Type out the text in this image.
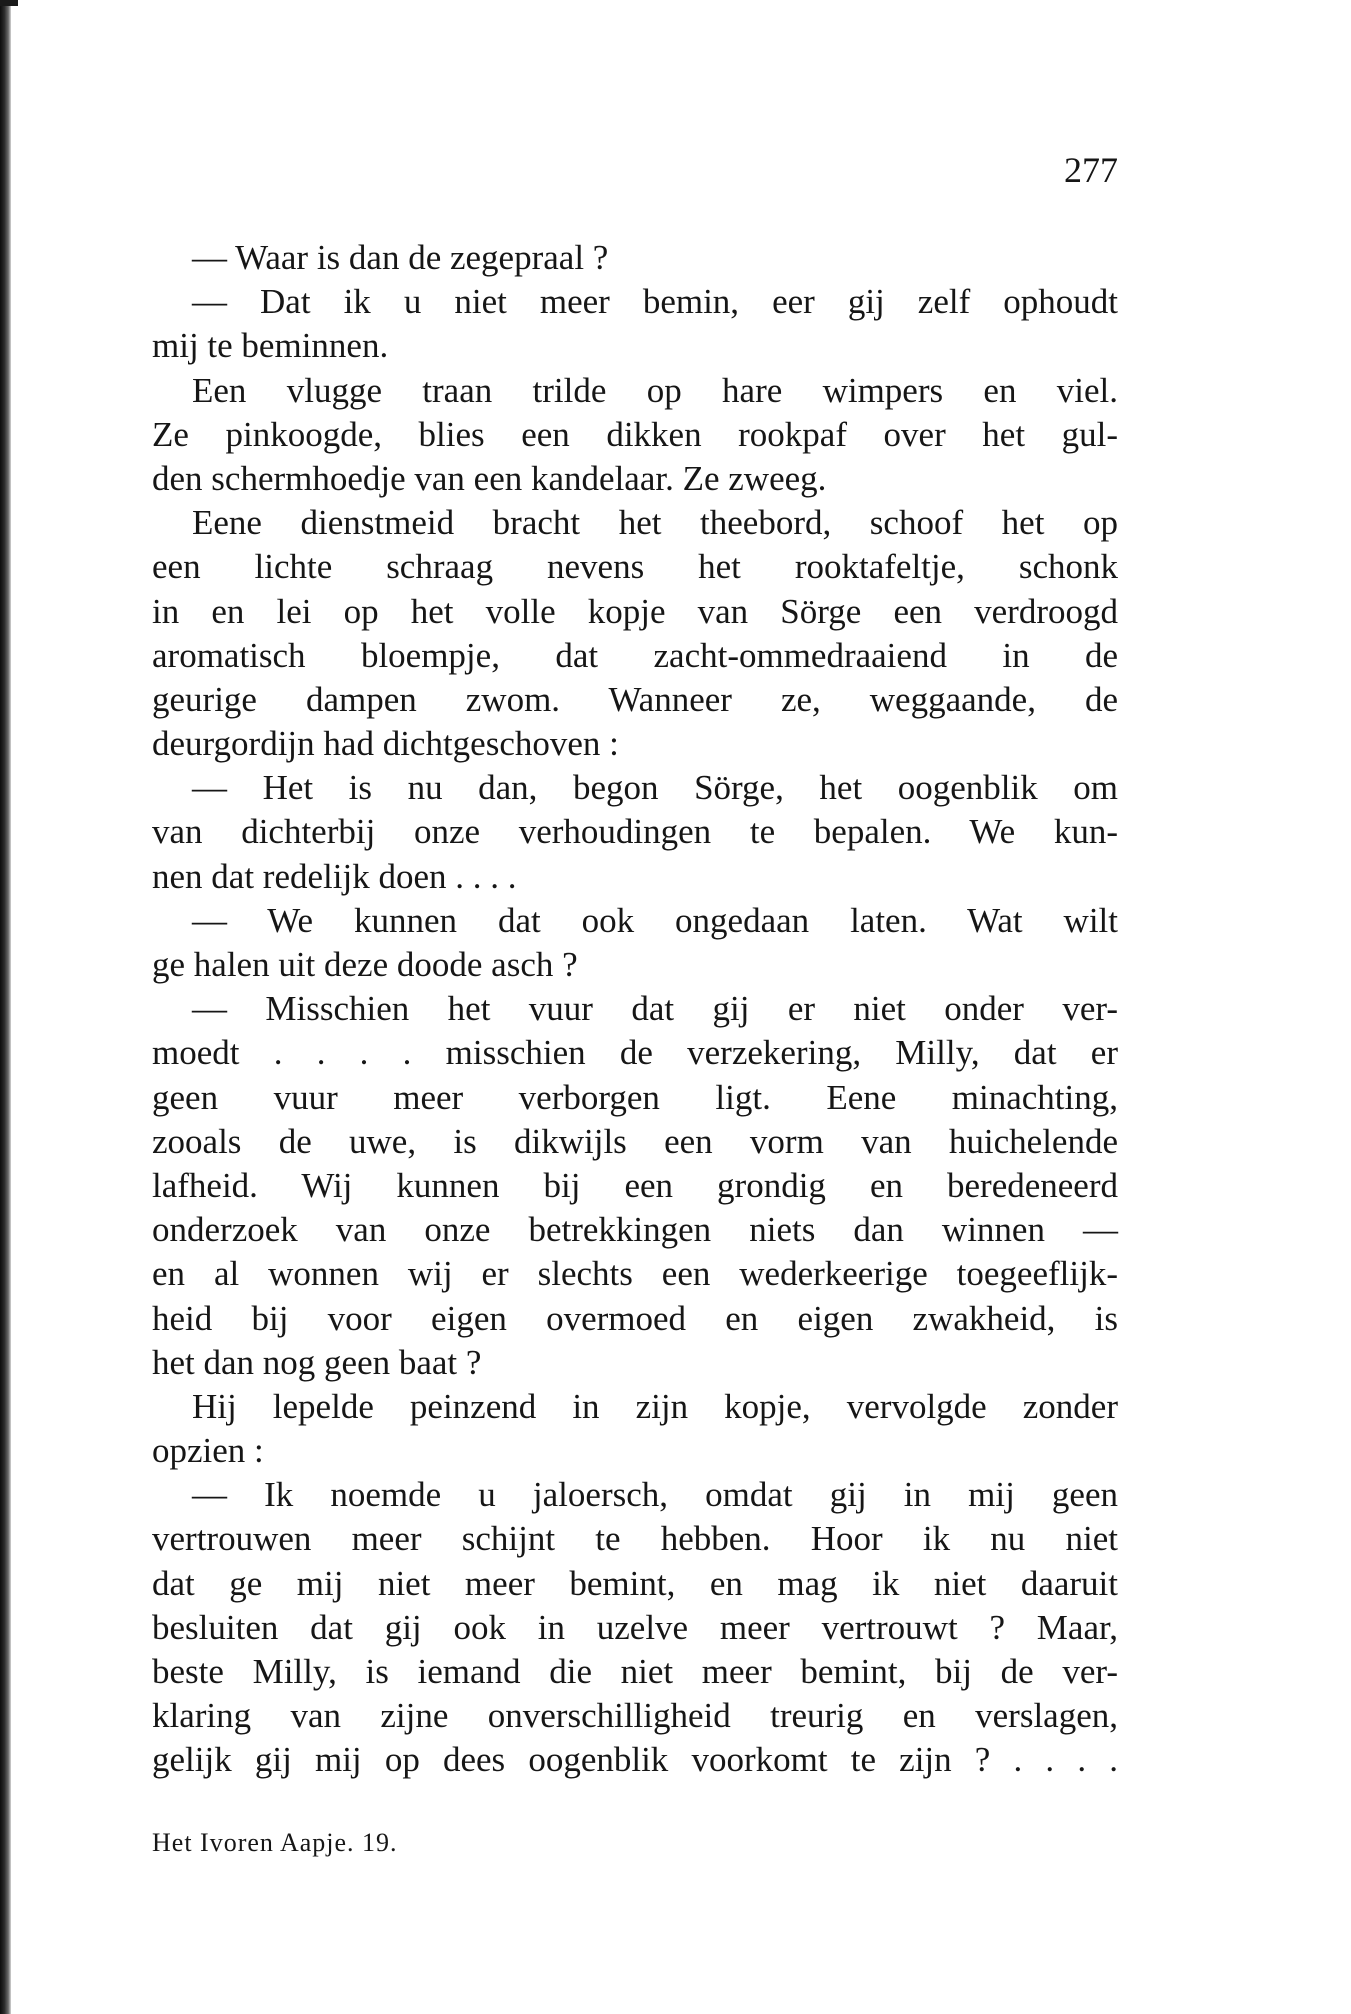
277
— Waar is dan de zegepraal ?
— Dat ik u niet meer bemin, eer gij zelf ophoudt
mij te beminnen.
Een vlugge traan trilde op hare wimpers en viel.
Ze pinkoogde, blies een dikken rookpaf over het gul-
den schermhoedje van een kandelaar. Ze zweeg.
Eene dienstmeid bracht het theebord, schoof het op
een lichte schraag nevens het rooktafeltje, schonk
in en lei op het volle kopje van Sörge een verdroogd
aromatisch bloempje, dat zacht-ommedraaiend in de
geurige dampen zwom. Wanneer ze, weggaande, de
deurgordijn had dichtgeschoven :
— Het is nu dan, begon Sörge, het oogenblik om
van dichterbij onze verhoudingen te bepalen. We kun-
nen dat redelijk doen . . . .
— We kunnen dat ook ongedaan laten. Wat wilt
ge halen uit deze doode asch ?
— Misschien het vuur dat gij er niet onder ver-
moedt . . . . misschien de verzekering, Milly, dat er
geen vuur meer verborgen ligt. Eene minachting,
zooals de uwe, is dikwijls een vorm van huichelende
lafheid. Wij kunnen bij een grondig en beredeneerd
onderzoek van onze betrekkingen niets dan winnen —
en al wonnen wij er slechts een wederkeerige toegeeflijk-
heid bij voor eigen overmoed en eigen zwakheid, is
het dan nog geen baat ?
Hij lepelde peinzend in zijn kopje, vervolgde zonder
opzien :
— Ik noemde u jaloersch, omdat gij in mij geen
vertrouwen meer schijnt te hebben. Hoor ik nu niet
dat ge mij niet meer bemint, en mag ik niet daaruit
besluiten dat gij ook in uzelve meer vertrouwt ? Maar,
beste Milly, is iemand die niet meer bemint, bij de ver-
klaring van zijne onverschilligheid treurig en verslagen,
gelijk gij mij op dees oogenblik voorkomt te zijn ? . . . .
Het Ivoren Aapje. 19.
